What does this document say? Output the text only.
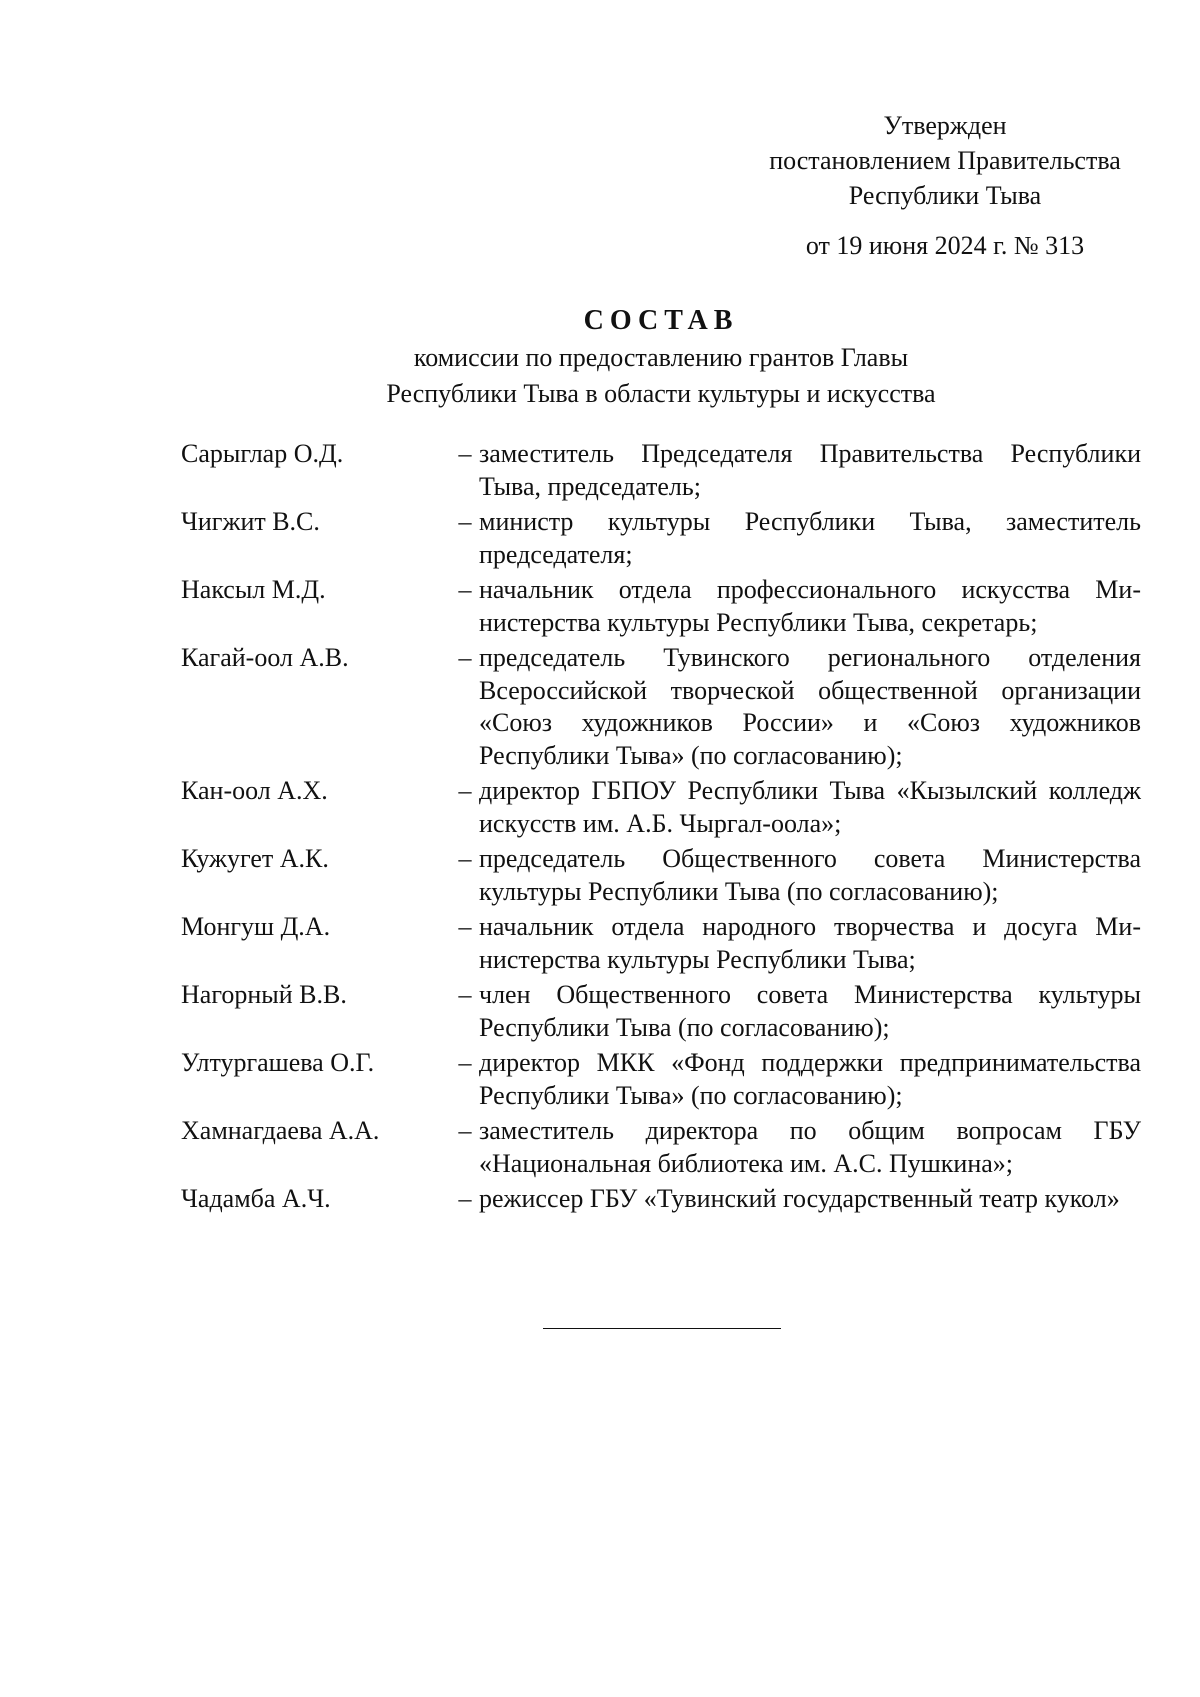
Утвержден
постановлением Правительства
Республики Тыва
от 19 июня 2024 г. № 313
СОСТАВ
комиссии по предоставлению грантов Главы
Республики Тыва в области культуры и искусства
Сарыглар О.Д.	– заместитель Председателя Правительства Республики Тыва, председатель;
Чигжит В.С.	– министр культуры Республики Тыва, заместитель председателя;
Наксыл М.Д.	– начальник отдела профессионального искусства Министерства культуры Республики Тыва, секретарь;
Кагай-оол А.В.	– председатель Тувинского регионального отделения Всероссийской творческой общественной организации «Союз художников России» и «Союз художников Республики Тыва» (по согласованию);
Кан-оол А.Х.	– директор ГБПОУ Республики Тыва «Кызылский колледж искусств им. А.Б. Чыргал-оола»;
Кужугет А.К.	– председатель Общественного совета Министерства культуры Республики Тыва (по согласованию);
Монгуш Д.А.	– начальник отдела народного творчества и досуга Министерства культуры Республики Тыва;
Нагорный В.В.	– член Общественного совета Министерства культуры Республики Тыва (по согласованию);
Ултургашева О.Г.	– директор МКК «Фонд поддержки предпринимательства Республики Тыва» (по согласованию);
Хамнагдаева А.А.	– заместитель директора по общим вопросам ГБУ «Национальная библиотека им. А.С. Пушкина»;
Чадамба А.Ч.	– режиссер ГБУ «Тувинский государственный театр кукол»
